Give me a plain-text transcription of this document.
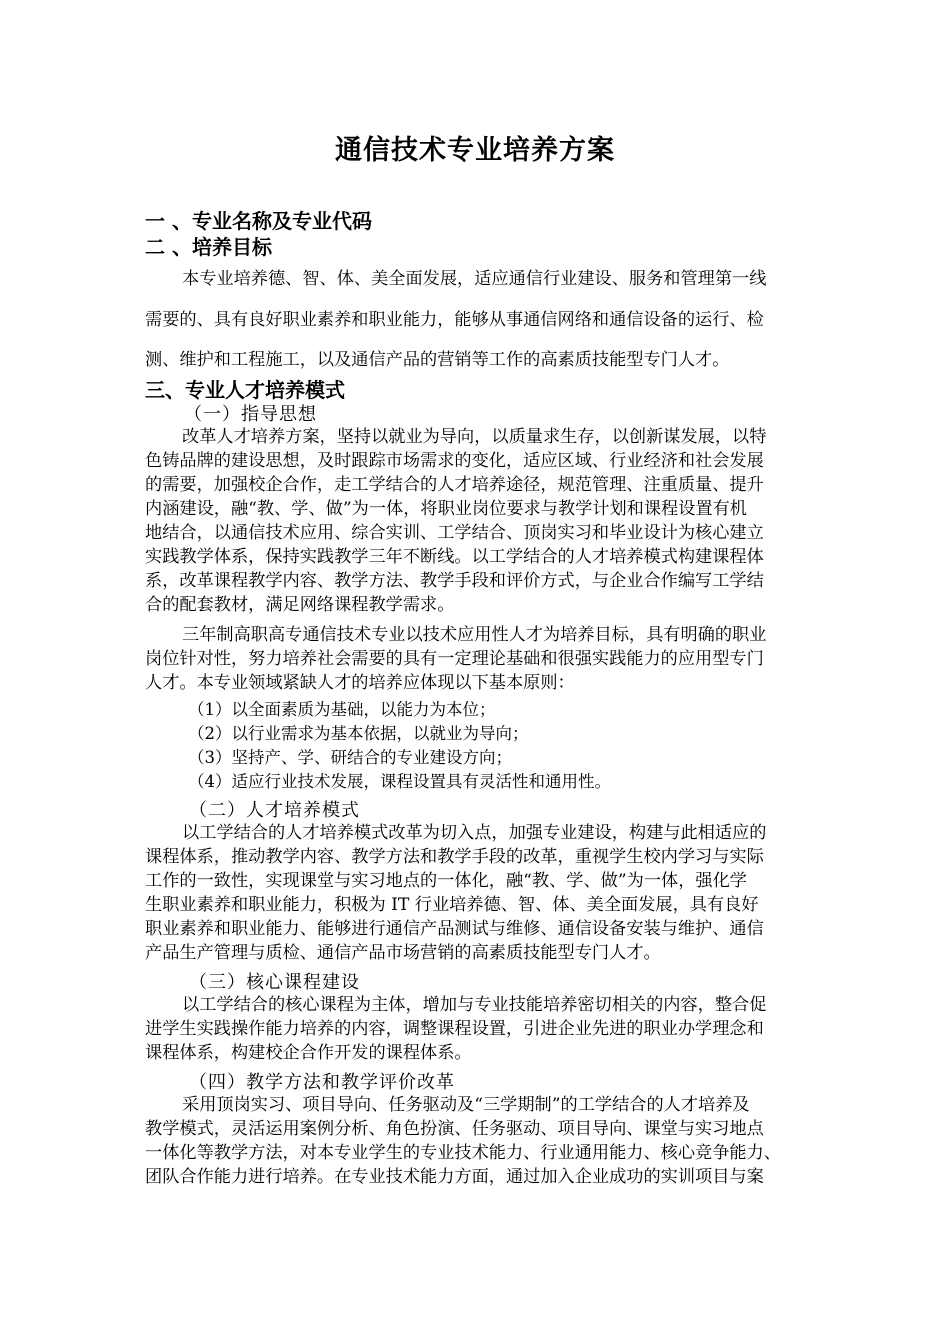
通信技术专业培养方案
一 、专业名称及专业代码
二 、培养目标
本专业培养德、智、体、美全面发展，适应通信行业建设、服务和管理第一线
需要的、具有良好职业素养和职业能力，能够从事通信网络和通信设备的运行、检
测、维护和工程施工，以及通信产品的营销等工作的高素质技能型专门人才。
三、专业人才培养模式
（一）指导思想
改革人才培养方案，坚持以就业为导向，以质量求生存，以创新谋发展，以特
色铸品牌的建设思想，及时跟踪市场需求的变化，适应区域、行业经济和社会发展
的需要，加强校企合作，走工学结合的人才培养途径，规范管理、注重质量、提升
内涵建设，融“教、学、做”为一体，将职业岗位要求与教学计划和课程设置有机
地结合，以通信技术应用、综合实训、工学结合、顶岗实习和毕业设计为核心建立
实践教学体系，保持实践教学三年不断线。以工学结合的人才培养模式构建课程体
系，改革课程教学内容、教学方法、教学手段和评价方式，与企业合作编写工学结
合的配套教材，满足网络课程教学需求。
三年制高职高专通信技术专业以技术应用性人才为培养目标，具有明确的职业
岗位针对性，努力培养社会需要的具有一定理论基础和很强实践能力的应用型专门
人才。本专业领域紧缺人才的培养应体现以下基本原则：
（1）以全面素质为基础，以能力为本位；
（2）以行业需求为基本依据，以就业为导向；
（3）坚持产、学、研结合的专业建设方向；
（4）适应行业技术发展，课程设置具有灵活性和通用性。
（二）人才培养模式
以工学结合的人才培养模式改革为切入点，加强专业建设，构建与此相适应的
课程体系，推动教学内容、教学方法和教学手段的改革，重视学生校内学习与实际
工作的一致性，实现课堂与实习地点的一体化，融“教、学、做”为一体，强化学
生职业素养和职业能力，积极为 IT 行业培养德、智、体、美全面发展，具有良好
职业素养和职业能力、能够进行通信产品测试与维修、通信设备安装与维护、通信
产品生产管理与质检、通信产品市场营销的高素质技能型专门人才。
（三）核心课程建设
以工学结合的核心课程为主体，增加与专业技能培养密切相关的内容，整合促
进学生实践操作能力培养的内容，调整课程设置，引进企业先进的职业办学理念和
课程体系，构建校企合作开发的课程体系。
（四）教学方法和教学评价改革
采用顶岗实习、项目导向、任务驱动及“三学期制”的工学结合的人才培养及
教学模式，灵活运用案例分析、角色扮演、任务驱动、项目导向、课堂与实习地点
一体化等教学方法，对本专业学生的专业技术能力、行业通用能力、核心竞争能力、
团队合作能力进行培养。在专业技术能力方面，通过加入企业成功的实训项目与案
